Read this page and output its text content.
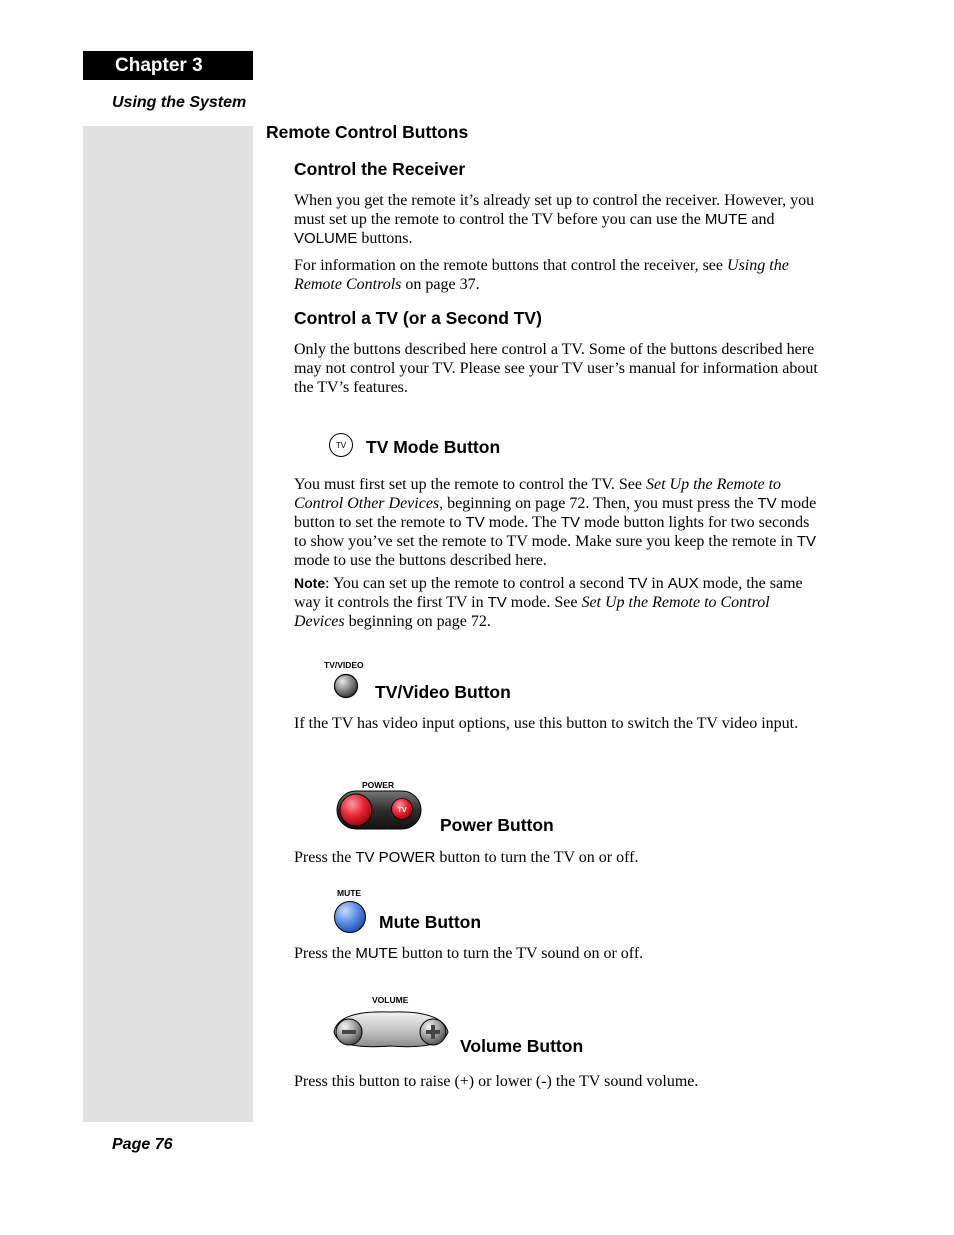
Chapter 3
Using the System
Remote Control Buttons
Control the Receiver
When you get the remote it’s already set up to control the receiver. However, you must set up the remote to control the TV before you can use the MUTE and VOLUME buttons.
For information on the remote buttons that control the receiver, see Using the Remote Controls on page 37.
Control a TV (or a Second TV)
Only the buttons described here control a TV. Some of the buttons described here may not control your TV. Please see your TV user’s manual for information about the TV’s features.
TV TV Mode Button
You must first set up the remote to control the TV. See Set Up the Remote to Control Other Devices, beginning on page 72. Then, you must press the TV mode button to set the remote to TV mode. The TV mode button lights for two seconds to show you’ve set the remote to TV mode. Make sure you keep the remote in TV mode to use the buttons described here.
Note: You can set up the remote to control a second TV in AUX mode, the same way it controls the first TV in TV mode. See Set Up the Remote to Control Devices beginning on page 72.
TV/VIDEO
TV/Video Button
If the TV has video input options, use this button to switch the TV video input.
POWER
TV
Power Button
Press the TV POWER button to turn the TV on or off.
MUTE
Mute Button
Press the MUTE button to turn the TV sound on or off.
VOLUME
Volume Button
Press this button to raise (+) or lower (-) the TV sound volume.
Page 76
